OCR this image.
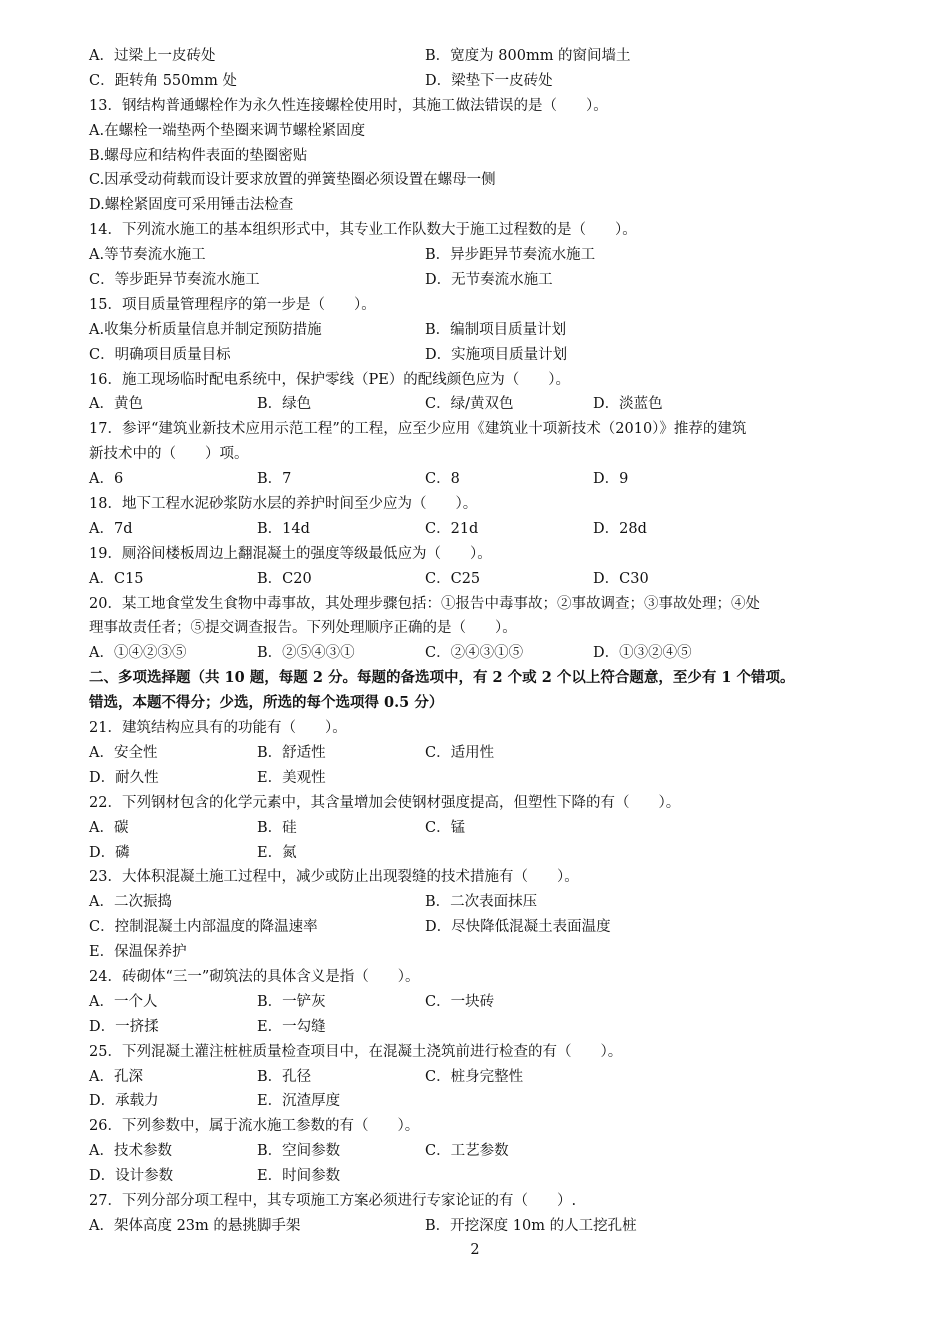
A．过梁上一皮砖处	B．宽度为 800mm 的窗间墙土
C．距转角 550mm 处	D．梁垫下一皮砖处
13．钢结构普通螺栓作为永久性连接螺栓使用时，其施工做法错误的是（　　）。
A.在螺栓一端垫两个垫圈来调节螺栓紧固度
B.螺母应和结构件表面的垫圈密贴
C.因承受动荷载而设计要求放置的弹簧垫圈必须设置在螺母一侧
D.螺栓紧固度可采用锤击法检查
14．下列流水施工的基本组织形式中，其专业工作队数大于施工过程数的是（　　）。
A.等节奏流水施工	B．异步距异节奏流水施工
C．等步距异节奏流水施工	D．无节奏流水施工
15．项目质量管理程序的第一步是（　　）。
A.收集分析质量信息并制定预防措施	B．编制项目质量计划
C．明确项目质量目标	D．实施项目质量计划
16．施工现场临时配电系统中，保护零线（PE）的配线颜色应为（　　）。
A．黄色	B．绿色	C．绿/黄双色	D．淡蓝色
17．参评“建筑业新技术应用示范工程”的工程，应至少应用《建筑业十项新技术（2010）》推荐的建筑
新技术中的（　　）项。
A．6	B．7	C．8	D．9
18．地下工程水泥砂浆防水层的养护时间至少应为（　　）。
A．7d	B．14d	C．21d	D．28d
19．厕浴间楼板周边上翻混凝土的强度等级最低应为（　　）。
A．C15	B．C20	C．C25	D．C30
20．某工地食堂发生食物中毒事故，其处理步骤包括：①报告中毒事故；②事故调查；③事故处理；④处
理事故责任者；⑤提交调查报告。下列处理顺序正确的是（　　）。
A．①④②③⑤	B．②⑤④③①	C．②④③①⑤	D．①③②④⑤
二、多项选择题（共 10 题，每题 2 分。每题的备选项中，有 2 个或 2 个以上符合题意，至少有 1 个错项。
错选，本题不得分；少选，所选的每个选项得 0.5 分）
21．建筑结构应具有的功能有（　　）。
A．安全性	B．舒适性	C．适用性
D．耐久性	E．美观性
22．下列钢材包含的化学元素中，其含量增加会使钢材强度提高，但塑性下降的有（　　）。
A．碳	B．硅	C．锰
D．磷	E．氮
23．大体积混凝土施工过程中，减少或防止出现裂缝的技术措施有（　　）。
A．二次振捣	B．二次表面抹压
C．控制混凝土内部温度的降温速率	D．尽快降低混凝土表面温度
E．保温保养护
24．砖砌体“三一”砌筑法的具体含义是指（　　）。
A．一个人	B．一铲灰	C．一块砖
D．一挤揉	E．一勾缝
25．下列混凝土灌注桩桩质量检查项目中，在混凝土浇筑前进行检查的有（　　）。
A．孔深	B．孔径	C．桩身完整性
D．承载力	E．沉渣厚度
26．下列参数中，属于流水施工参数的有（　　）。
A．技术参数	B．空间参数	C．工艺参数
D．设计参数	E．时间参数
27．下列分部分项工程中，其专项施工方案必须进行专家论证的有（　　）.
A．架体高度 23m 的悬挑脚手架	B．开挖深度 10m 的人工挖孔桩
2
